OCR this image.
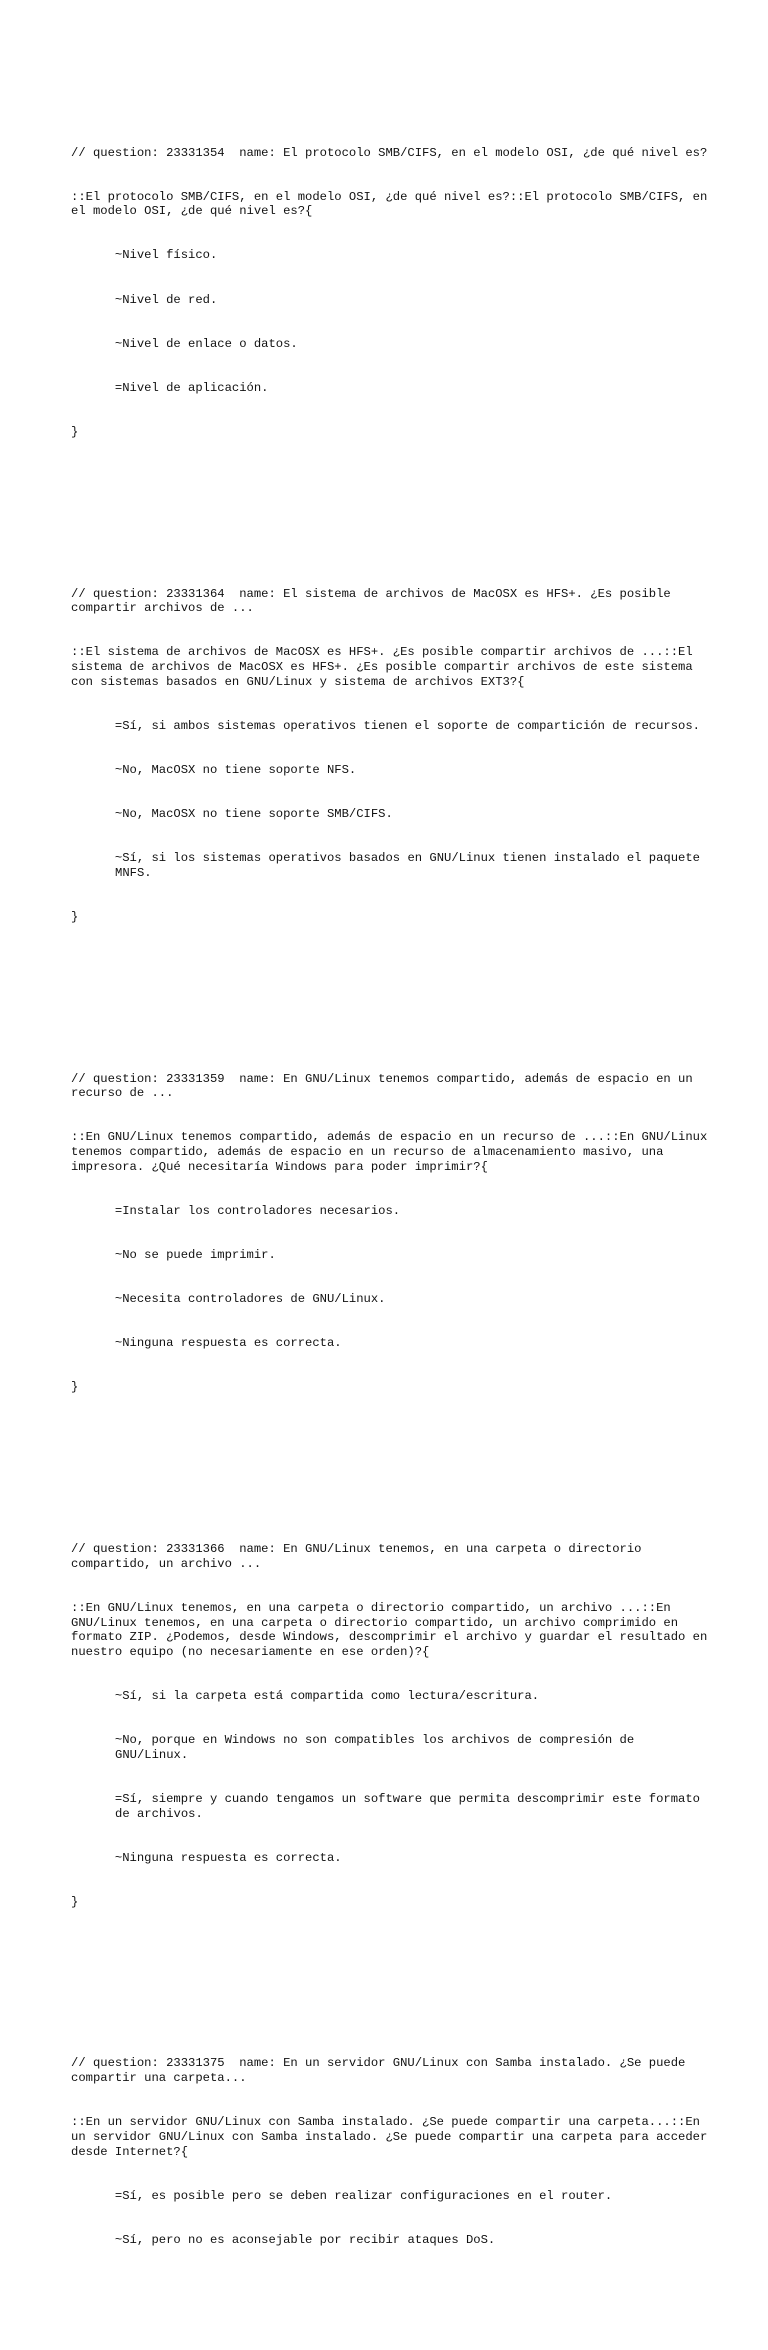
// question: 23331354  name: El protocolo SMB/CIFS, en el modelo OSI, ¿de qué nivel es?

::El protocolo SMB/CIFS, en el modelo OSI, ¿de qué nivel es?::El protocolo SMB/CIFS, en el modelo OSI, ¿de qué nivel es?{

~Nivel físico.

~Nivel de red.

~Nivel de enlace o datos.

=Nivel de aplicación.

}

// question: 23331364  name: El sistema de archivos de MacOSX es HFS+. ¿Es posible compartir archivos de ...

::El sistema de archivos de MacOSX es HFS+. ¿Es posible compartir archivos de ...::El sistema de archivos de MacOSX es HFS+. ¿Es posible compartir archivos de este sistema con sistemas basados en GNU/Linux y sistema de archivos EXT3?{

=Sí, si ambos sistemas operativos tienen el soporte de compartición de recursos.

~No, MacOSX no tiene soporte NFS.

~No, MacOSX no tiene soporte SMB/CIFS.

~Sí, si los sistemas operativos basados en GNU/Linux tienen instalado el paquete MNFS.

}

// question: 23331359  name: En GNU/Linux tenemos compartido, además de espacio en un recurso de ...

::En GNU/Linux tenemos compartido, además de espacio en un recurso de ...::En GNU/Linux tenemos compartido, además de espacio en un recurso de almacenamiento masivo, una impresora. ¿Qué necesitaría Windows para poder imprimir?{

=Instalar los controladores necesarios.

~No se puede imprimir.

~Necesita controladores de GNU/Linux.

~Ninguna respuesta es correcta.

}

// question: 23331366  name: En GNU/Linux tenemos, en una carpeta o directorio compartido, un archivo ...

::En GNU/Linux tenemos, en una carpeta o directorio compartido, un archivo ...::En GNU/Linux tenemos, en una carpeta o directorio compartido, un archivo comprimido en formato ZIP. ¿Podemos, desde Windows, descomprimir el archivo y guardar el resultado en nuestro equipo (no necesariamente en ese orden)?{

~Sí, si la carpeta está compartida como lectura/escritura.

~No, porque en Windows no son compatibles los archivos de compresión de GNU/Linux.

=Sí, siempre y cuando tengamos un software que permita descomprimir este formato de archivos.

~Ninguna respuesta es correcta.

}

// question: 23331375  name: En un servidor GNU/Linux con Samba instalado. ¿Se puede compartir una carpeta...

::En un servidor GNU/Linux con Samba instalado. ¿Se puede compartir una carpeta...::En un servidor GNU/Linux con Samba instalado. ¿Se puede compartir una carpeta para acceder desde Internet?{

=Sí, es posible pero se deben realizar configuraciones en el router.

~Sí, pero no es aconsejable por recibir ataques DoS.
